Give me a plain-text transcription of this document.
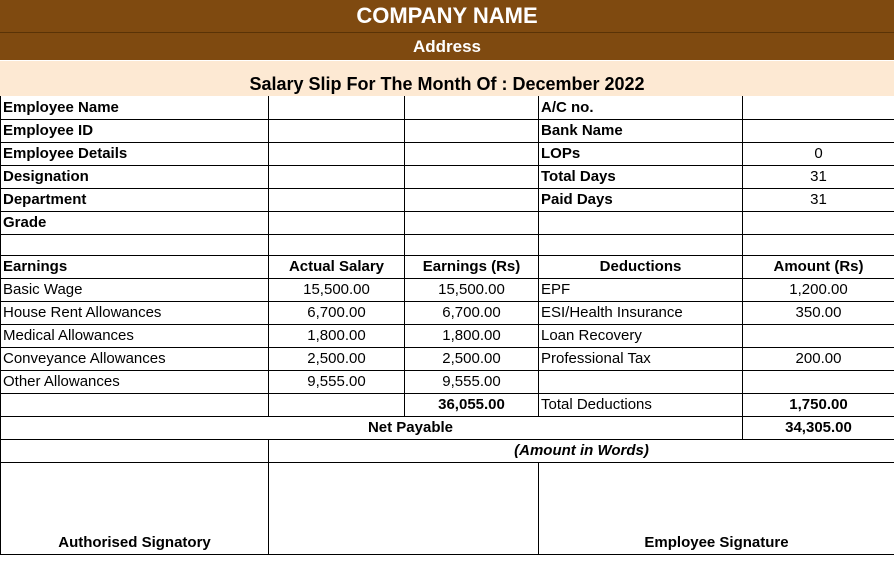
COMPANY NAME
Address
Salary Slip For The Month Of : December 2022
Employee Name			A/C no.	
Employee ID			Bank Name	
Employee Details			LOPs	0
Designation			Total Days	31
Department			Paid Days	31
Grade				

Earnings	Actual Salary	Earnings (Rs)	Deductions	Amount (Rs)
Basic Wage	15,500.00	15,500.00	EPF	1,200.00
House Rent Allowances	6,700.00	6,700.00	ESI/Health Insurance	350.00
Medical Allowances	1,800.00	1,800.00	Loan Recovery	
Conveyance Allowances	2,500.00	2,500.00	Professional Tax	200.00
Other Allowances	9,555.00	9,555.00		
		36,055.00	Total Deductions	1,750.00
Net Payable				34,305.00
	(Amount in Words)			
Authorised Signatory			Employee Signature	
